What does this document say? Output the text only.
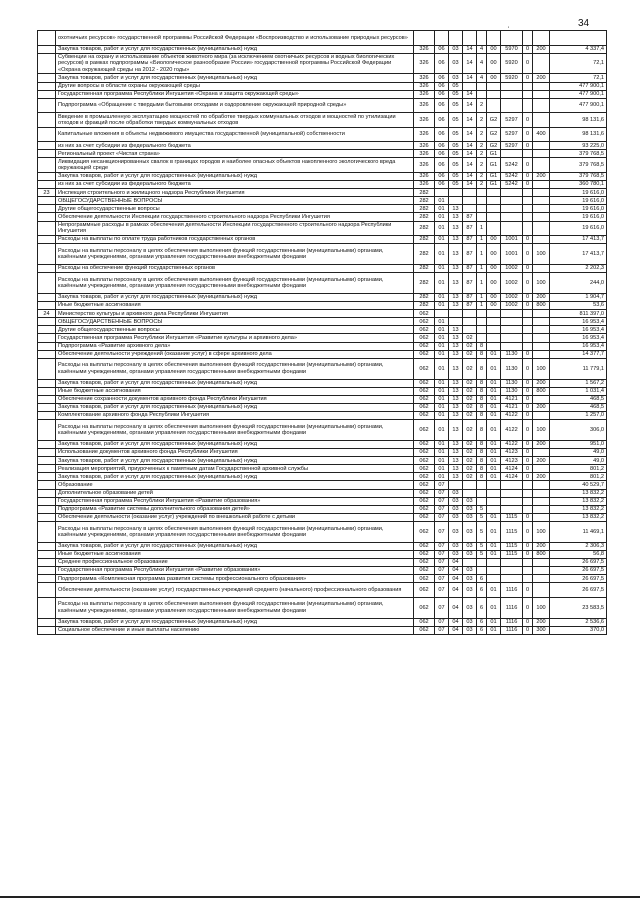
34
'
	охотничьих ресурсов» государственной программы Российской Федерации «Воспроизводство и использование природных ресурсов»										
	Закупка товаров, работ и услуг для государственных (муниципальных) нужд	326	06	03	14	4	00	5970	0	200	4 337,4
	Субвенции на охрану и использование объектов животного мира (за исключением охотничьих ресурсов и водных биологических ресурсов) в рамках подпрограммы «Биологическое разнообразие России» государственной программы Российской Федерации «Охрана окружающей среды на 2012 - 2020 годы»	326	06	03	14	4	00	5920	0		72,1
	Закупка товаров, работ и услуг для государственных (муниципальных) нужд	326	06	03	14	4	00	5920	0	200	72,1
	Другие вопросы в области охраны окружающей среды	326	06	05							477 900,1
	Государственная программа Республики Ингушетия «Охрана и защита окружающей среды»	326	06	05	14						477 900,1
	Подпрограмма «Обращение с твердыми бытовыми отходами и оздоровление окружающей природной среды»	326	06	05	14	2					477 900,1
	Введение в промышленную эксплуатацию мощностей по обработке твердых коммунальных отходов и мощностей по утилизации отходов и фракций после обработки твердых коммунальных отходов	326	06	05	14	2	G2	5297	0		98 131,6
	Капитальные вложения в объекты недвижимого имущества государственной (муниципальной) собственности	326	06	05	14	2	G2	5297	0	400	98 131,6
	из них за счет субсидии из федерального бюджета	326	06	05	14	2	G2	5297	0		93 225,0
	Региональный проект «Чистая страна»	326	06	05	14	2	G1				379 768,5
	Ликвидация несанкционированных свалок в границах городов и наиболее опасных объектов накопленного экологического вреда окружающей среде	326	06	05	14	2	G1	5242	0		379 768,5
	Закупка товаров, работ и услуг для государственных (муниципальных) нужд	326	06	05	14	2	G1	5242	0	200	379 768,5
	из них за счет субсидии из федерального бюджета	326	06	05	14	2	G1	5242	0		360 780,1
23	Инспекция строительного и жилищного надзора Республики Ингушетия	282									19 616,0
	ОБЩЕГОСУДАРСТВЕННЫЕ ВОПРОСЫ	282	01								19 616,0
	Другие общегосударственные вопросы	282	01	13							19 616,0
	Обеспечение деятельности Инспекции государственного строительного надзора Республики Ингушетия	282	01	13	87						19 616,0
	Непрограммные расходы в рамках обеспечения деятельности Инспекции государственного строительного надзора Республики Ингушетия	282	01	13	87	1					19 616,0
	Расходы на выплаты по оплате труда работников государственных органов	282	01	13	87	1	00	1001	0		17 413,7
	Расходы на выплаты персоналу в целях обеспечения выполнения функций государственными (муниципальными) органами, казёнными учреждениями, органами управления государственными внебюджетными фондами	282	01	13	87	1	00	1001	0	100	17 413,7
	Расходы на обеспечение функций государственных органов	282	01	13	87	1	00	1002	0		2 202,3
	Расходы на выплаты персоналу в целях обеспечения выполнения функций государственными (муниципальными) органами, казёнными учреждениями, органами управления государственными внебюджетными фондами	282	01	13	87	1	00	1002	0	100	244,0
	Закупка товаров, работ и услуг для государственных (муниципальных) нужд	282	01	13	87	1	00	1002	0	200	1 904,7
	Иные бюджетные ассигнования	282	01	13	87	1	00	1002	0	800	53,6
24	Министерство культуры и архивного дела Республики Ингушетия	062									811 397,0
	ОБЩЕГОСУДАРСТВЕННЫЕ ВОПРОСЫ	062	01								16 953,4
	Другие общегосударственные вопросы	062	01	13							16 953,4
	Государственная программа Республики Ингушетия «Развитие культуры и архивного дела»	062	01	13	02						16 953,4
	Подпрограмма «Развитие архивного дела»	062	01	13	02	8					16 953,4
	Обеспечение деятельности учреждений (оказание услуг) в сфере архивного дела	062	01	13	02	8	01	1130	0		14 377,7
	Расходы на выплаты персоналу в целях обеспечения выполнения функций государственными (муниципальными) органами, казёнными учреждениями, органами управления государственными внебюджетными фондами	062	01	13	02	8	01	1130	0	100	11 779,1
	Закупка товаров, работ и услуг для государственных (муниципальных) нужд	062	01	13	02	8	01	1130	0	200	1 567,2
	Иные бюджетные ассигнования	062	01	13	02	8	01	1130	0	800	1 031,4
	Обеспечение сохранности документов архивного фонда Республики Ингушетия	062	01	13	02	8	01	4121	0		468,5
	Закупка товаров, работ и услуг для государственных (муниципальных) нужд	062	01	13	02	8	01	4121	0	200	468,5
	Комплектование архивного фонда Республики Ингушетия	062	01	13	02	8	01	4122	0		1 257,0
	Расходы на выплаты персоналу в целях обеспечения выполнения функций государственными (муниципальными) органами, казёнными учреждениями, органами управления государственными внебюджетными фондами	062	01	13	02	8	01	4122	0	100	306,0
	Закупка товаров, работ и услуг для государственных (муниципальных) нужд	062	01	13	02	8	01	4122	0	200	951,0
	Использование документов архивного фонда Республики Ингушетия	062	01	13	02	8	01	4123	0		49,0
	Закупка товаров, работ и услуг для государственных (муниципальных) нужд	062	01	13	02	8	01	4123	0	200	49,0
	Реализация мероприятий, приуроченных к памятным датам Государственной архивной службы	062	01	13	02	8	01	4124	0		801,2
	Закупка товаров, работ и услуг для государственных (муниципальных) нужд	062	01	13	02	8	01	4124	0	200	801,2
	Образование	062	07								40 529,7
	Дополнительное образование детей	062	07	03							13 832,2
	Государственная программа Республики Ингушетия «Развитие образования»	062	07	03	03						13 832,2
	Подпрограмма «Развитие системы дополнительного образования детей»	062	07	03	03	5					13 832,2
	Обеспечение деятельности (оказание услуг) учреждений по внешкольной работе с детьми	062	07	03	03	5	01	1115	0		13 832,2
	Расходы на выплаты персоналу в целях обеспечения выполнения функций государственными (муниципальными) органами, казёнными учреждениями, органами управления государственными внебюджетными фондами	062	07	03	03	5	01	1115	0	100	11 469,1
	Закупка товаров, работ и услуг для государственных (муниципальных) нужд	062	07	03	03	5	01	1115	0	200	2 306,3
	Иные бюджетные ассигнования	062	07	03	03	5	01	1115	0	800	56,8
	Среднее профессиональное образование	062	07	04							26 697,5
	Государственная программа Республики Ингушетия «Развитие образования»	062	07	04	03						26 697,5
	Подпрограмма «Комплексная программа развития системы профессионального образования»	062	07	04	03	6					26 697,5
	Обеспечение деятельности (оказание услуг) государственных учреждений среднего (начального) профессионального образования	062	07	04	03	6	01	1116	0		26 697,5
	Расходы на выплаты персоналу в целях обеспечения выполнения функций государственными (муниципальными) органами, казёнными учреждениями, органами управления государственными внебюджетными фондами	062	07	04	03	6	01	1116	0	100	23 583,5
	Закупка товаров, работ и услуг для государственных (муниципальных) нужд	062	07	04	03	6	01	1116	0	200	2 536,6
	Социальное обеспечение и иные выплаты населению	062	07	04	03	6	01	1116	0	300	370,0
